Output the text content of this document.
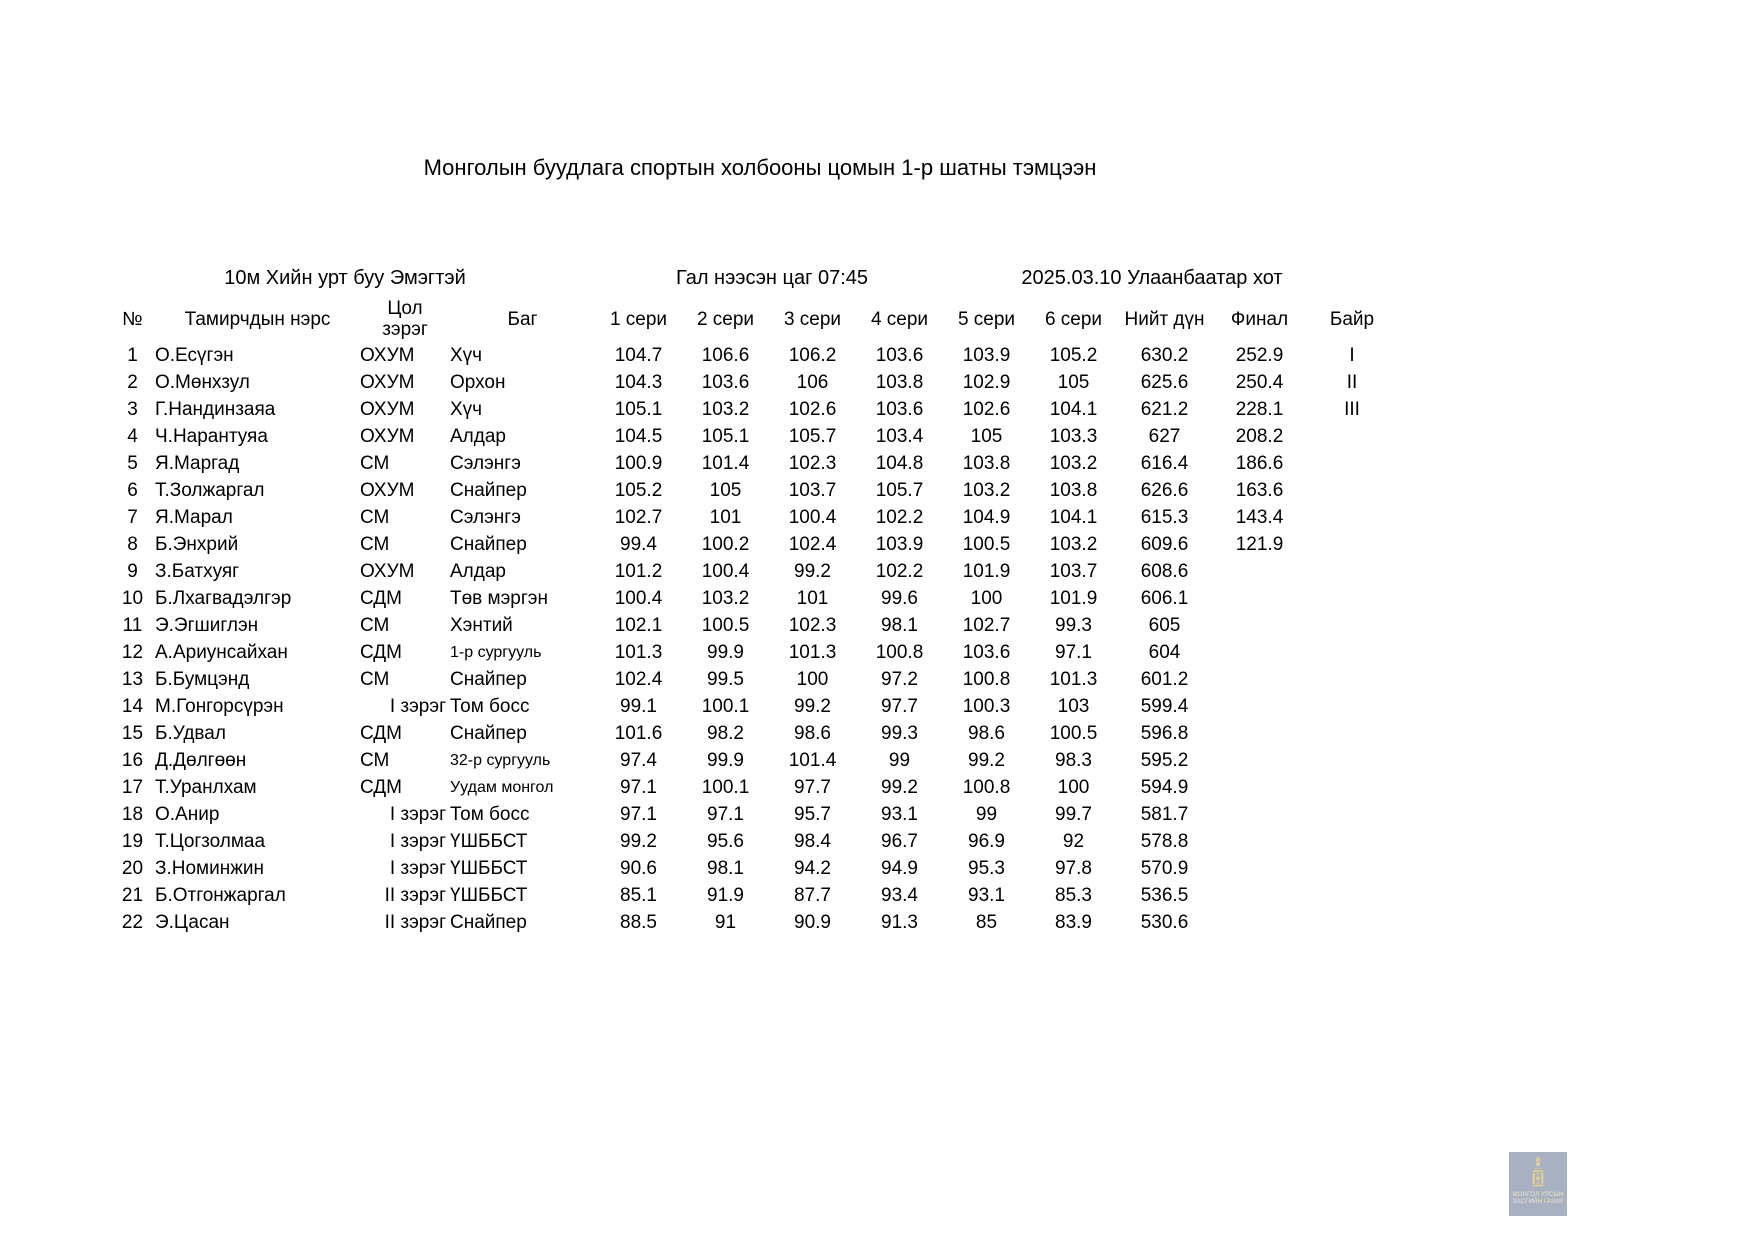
Монголын буудлага спортын холбооны цомын 1-р шатны тэмцээн
10м Хийн урт буу Эмэгтэй	Гал нээсэн цаг 07:45	2025.03.10 Улаанбаатар хот
№	Тамирчдын нэрс	Цол зэрэг	Баг	1 сери	2 сери	3 сери	4 сери	5 сери	6 сери	Нийт дүн	Финал	Байр
1	О.Есүгэн	ОХУМ	Хүч	104.7	106.6	106.2	103.6	103.9	105.2	630.2	252.9	I
2	О.Мөнхзул	ОХУМ	Орхон	104.3	103.6	106	103.8	102.9	105	625.6	250.4	II
3	Г.Нандинзаяа	ОХУМ	Хүч	105.1	103.2	102.6	103.6	102.6	104.1	621.2	228.1	III
4	Ч.Нарантуяа	ОХУМ	Алдар	104.5	105.1	105.7	103.4	105	103.3	627	208.2	
5	Я.Маргад	СМ	Сэлэнгэ	100.9	101.4	102.3	104.8	103.8	103.2	616.4	186.6	
6	Т.Золжаргал	ОХУМ	Снайпер	105.2	105	103.7	105.7	103.2	103.8	626.6	163.6	
7	Я.Марал	СМ	Сэлэнгэ	102.7	101	100.4	102.2	104.9	104.1	615.3	143.4	
8	Б.Энхрий	СМ	Снайпер	99.4	100.2	102.4	103.9	100.5	103.2	609.6	121.9	
9	З.Батхуяг	ОХУМ	Алдар	101.2	100.4	99.2	102.2	101.9	103.7	608.6		
10	Б.Лхагвадэлгэр	СДМ	Төв мэргэн	100.4	103.2	101	99.6	100	101.9	606.1		
11	Э.Эгшиглэн	СМ	Хэнтий	102.1	100.5	102.3	98.1	102.7	99.3	605		
12	А.Ариунсайхан	СДМ	1-р сургууль	101.3	99.9	101.3	100.8	103.6	97.1	604		
13	Б.Бумцэнд	СМ	Снайпер	102.4	99.5	100	97.2	100.8	101.3	601.2		
14	М.Гонгорсүрэн	I зэрэг	Том босс	99.1	100.1	99.2	97.7	100.3	103	599.4		
15	Б.Удвал	СДМ	Снайпер	101.6	98.2	98.6	99.3	98.6	100.5	596.8		
16	Д.Дөлгөөн	СМ	32-р сургууль	97.4	99.9	101.4	99	99.2	98.3	595.2		
17	Т.Уранлхам	СДМ	Уудам монгол	97.1	100.1	97.7	99.2	100.8	100	594.9		
18	О.Анир	I зэрэг	Том босс	97.1	97.1	95.7	93.1	99	99.7	581.7		
19	Т.Цогзолмаа	I зэрэг	ҮШББСТ	99.2	95.6	98.4	96.7	96.9	92	578.8		
20	З.Номинжин	I зэрэг	ҮШББСТ	90.6	98.1	94.2	94.9	95.3	97.8	570.9		
21	Б.Отгонжаргал	II зэрэг	ҮШББСТ	85.1	91.9	87.7	93.4	93.1	85.3	536.5		
22	Э.Цасан	II зэрэг	Снайпер	88.5	91	90.9	91.3	85	83.9	530.6		
МОНГОЛ УЛСЫН
ЗАСГИЙН ГАЗАР
